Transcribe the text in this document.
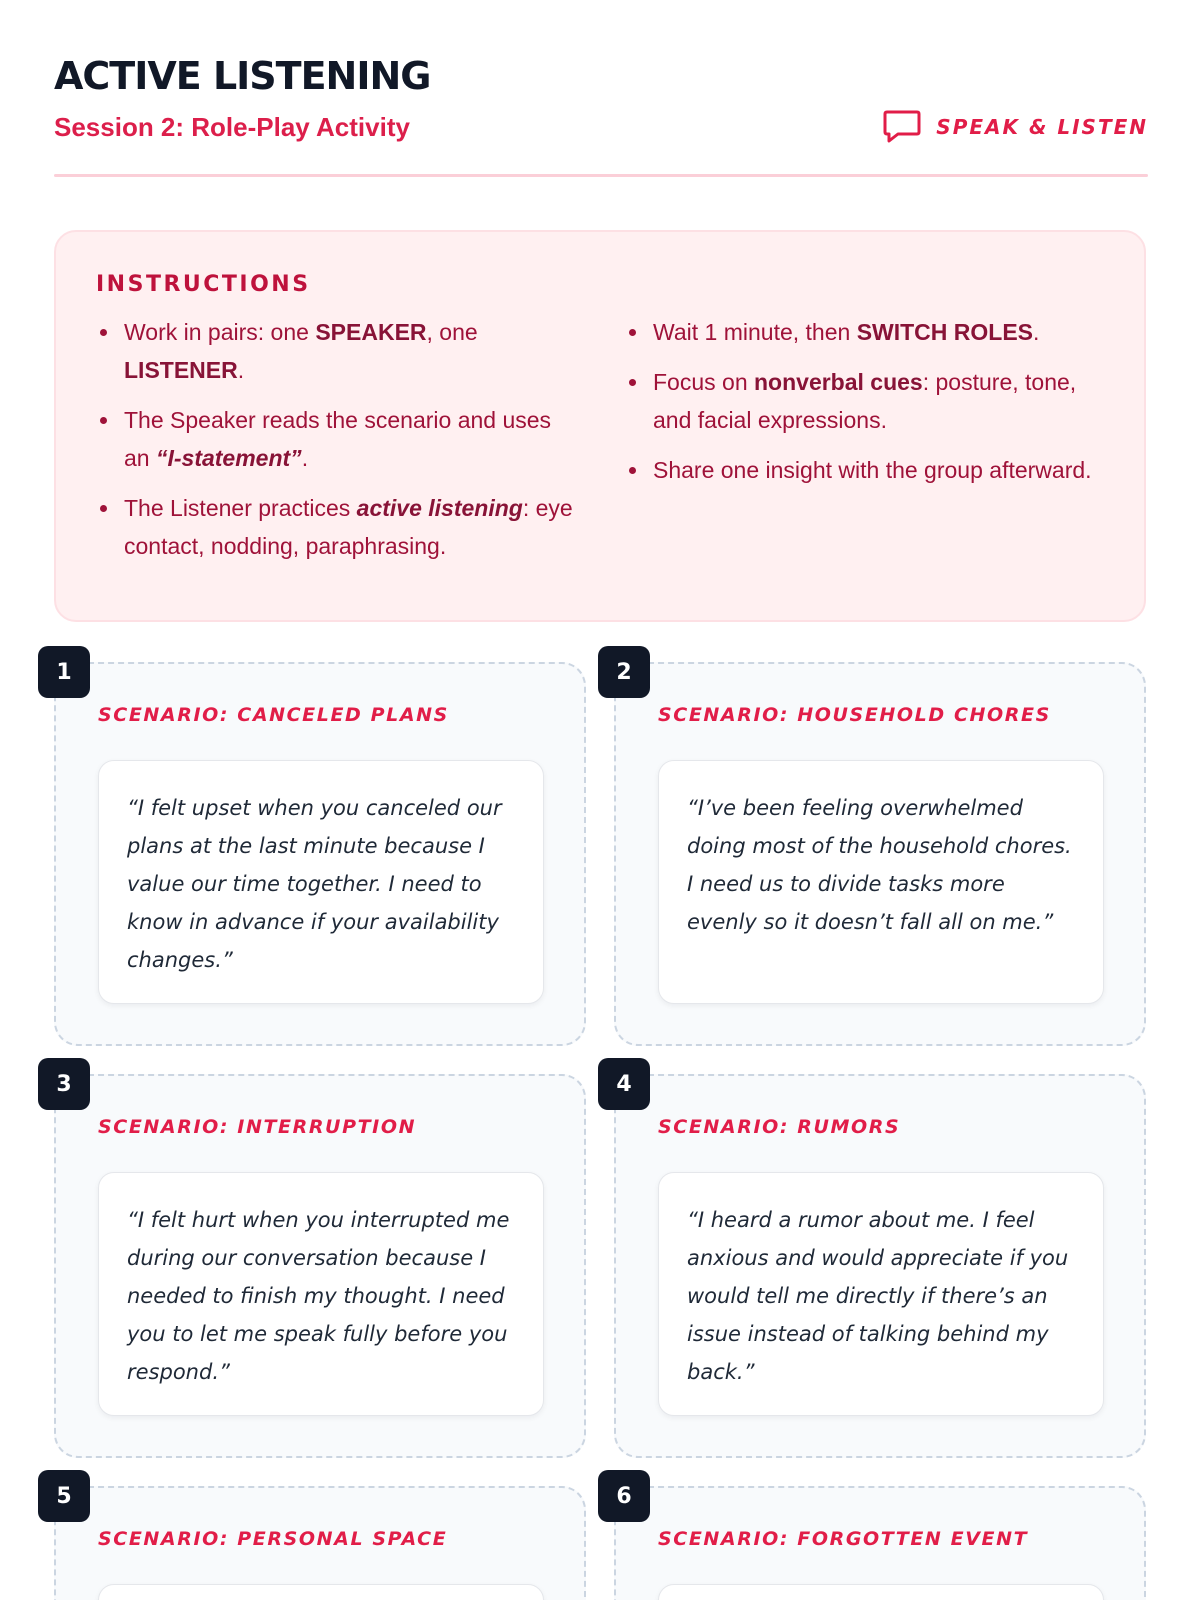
ACTIVE LISTENING
Session 2: Role-Play Activity	SPEAK & LISTEN
INSTRUCTIONS
Work in pairs: one SPEAKER, one LISTENER.
The Speaker reads the scenario and uses an “I-statement”.
The Listener practices active listening: eye contact, nodding, paraphrasing.
Wait 1 minute, then SWITCH ROLES.
Focus on nonverbal cues: posture, tone, and facial expressions.
Share one insight with the group afterward.
1

SCENARIO: CANCELED PLANS

“I felt upset when you canceled our plans at the last minute because I value our time together. I need to know in advance if your availability changes.”

2

SCENARIO: HOUSEHOLD CHORES

“I’ve been feeling overwhelmed doing most of the household chores. I need us to divide tasks more evenly so it doesn’t fall all on me.”

3

SCENARIO: INTERRUPTION

“I felt hurt when you interrupted me during our conversation because I needed to finish my thought. I need you to let me speak fully before you respond.”

4

SCENARIO: RUMORS

“I heard a rumor about me. I feel anxious and would appreciate if you would tell me directly if there’s an issue instead of talking behind my back.”

5

SCENARIO: PERSONAL SPACE

6

SCENARIO: FORGOTTEN EVENT
